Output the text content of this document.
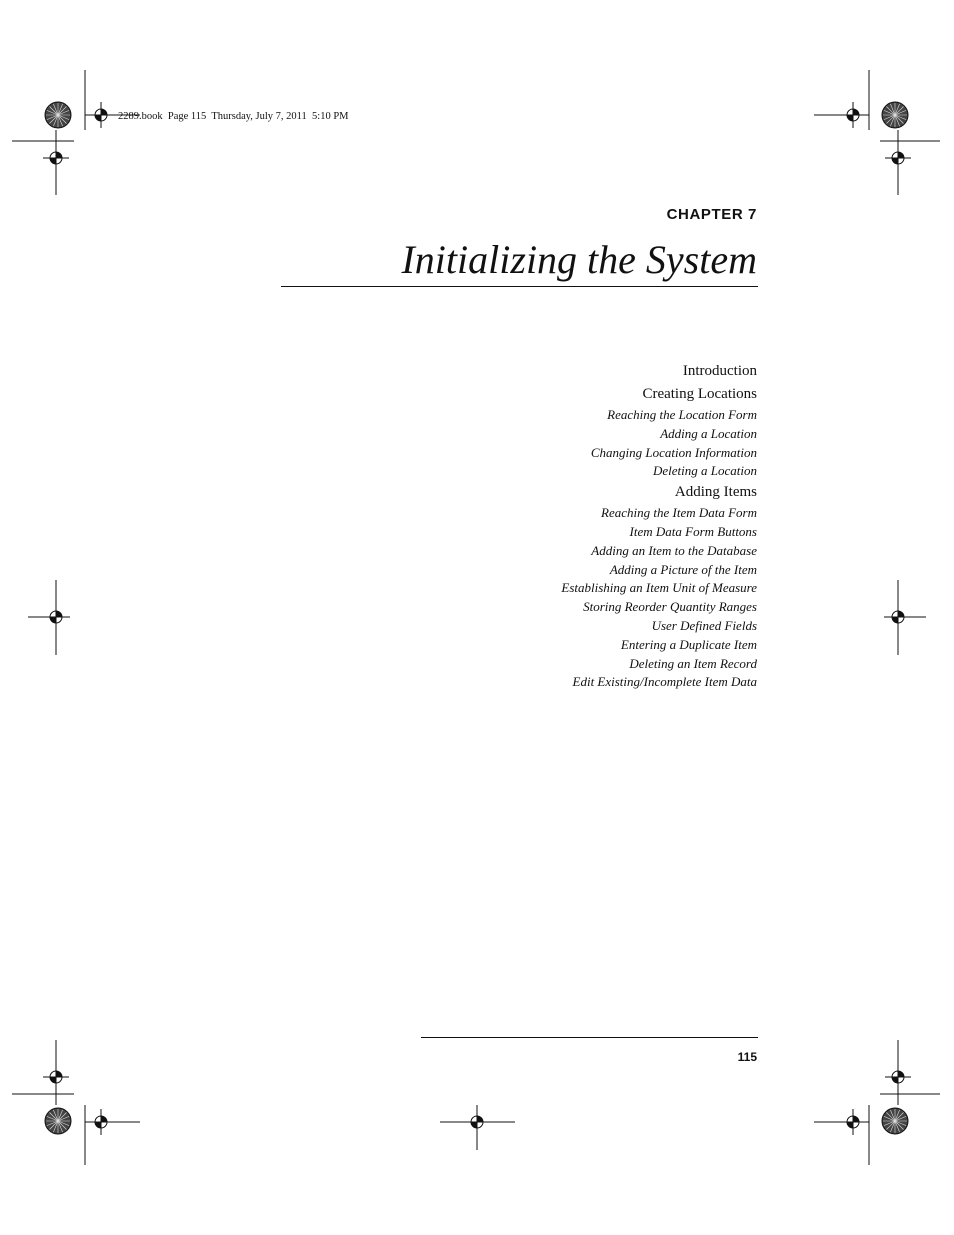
2289.book  Page 115  Thursday, July 7, 2011  5:10 PM
CHAPTER 7
Initializing the System
Introduction
Creating Locations
Reaching the Location Form
Adding a Location
Changing Location Information
Deleting a Location
Adding Items
Reaching the Item Data Form
Item Data Form Buttons
Adding an Item to the Database
Adding a Picture of the Item
Establishing an Item Unit of Measure
Storing Reorder Quantity Ranges
User Defined Fields
Entering a Duplicate Item
Deleting an Item Record
Edit Existing/Incomplete Item Data
115
